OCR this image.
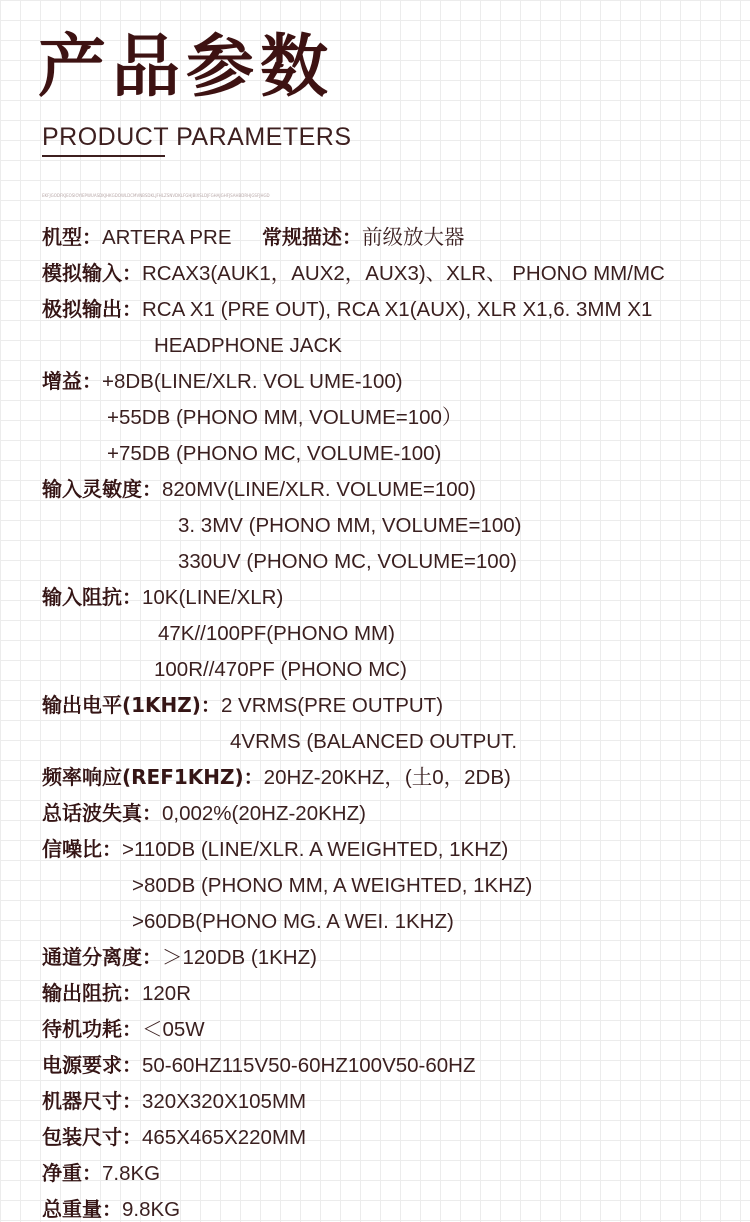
产品参数
PRODUCT PARAMETERS
EKFJGODFKJEOSIOYIEPWUASDKJHKGDOWLDCMVNBSDKLJFHLZSNVDKLFGHJBIXSLDJFGHAJGHFJSAHBDRHJGSFJHGD
机型：ARTERA PRE 常规描述：前级放大器
模拟输入：RCAX3(AUK1，AUX2，AUX3)、XLR、 PHONO MM/MC
极拟输出：RCA X1 (PRE OUT), RCA X1(AUX), XLR X1,6. 3MM X1
HEADPHONE JACK
增益：+8DB(LINE/XLR. VOL UME-100)
+55DB (PHONO MM, VOLUME=100）
+75DB (PHONO MC, VOLUME-100)
输入灵敏度：820MV(LINE/XLR. VOLUME=100)
3. 3MV (PHONO MM, VOLUME=100)
330UV (PHONO MC, VOLUME=100)
输入阻抗：10K(LINE/XLR)
47K//100PF(PHONO MM)
100R//470PF (PHONO MC)
输出电平(1KHZ)：2 VRMS(PRE OUTPUT)
4VRMS (BALANCED OUTPUT.
频率响应(REF1KHZ)：20HZ-20KHZ，(土0，2DB)
总话波失真：0,002%(20HZ-20KHZ)
信噪比：>110DB (LINE/XLR. A WEIGHTED, 1KHZ)
>80DB (PHONO MM, A WEIGHTED, 1KHZ)
>60DB(PHONO MG. A WEI. 1KHZ)
通道分离度：＞120DB (1KHZ)
输出阻抗：120R
待机功耗：＜05W
电源要求：50-60HZ115V50-60HZ100V50-60HZ
机器尺寸：320X320X105MM
包装尺寸：465X465X220MM
净重：7.8KG
总重量：9.8KG
